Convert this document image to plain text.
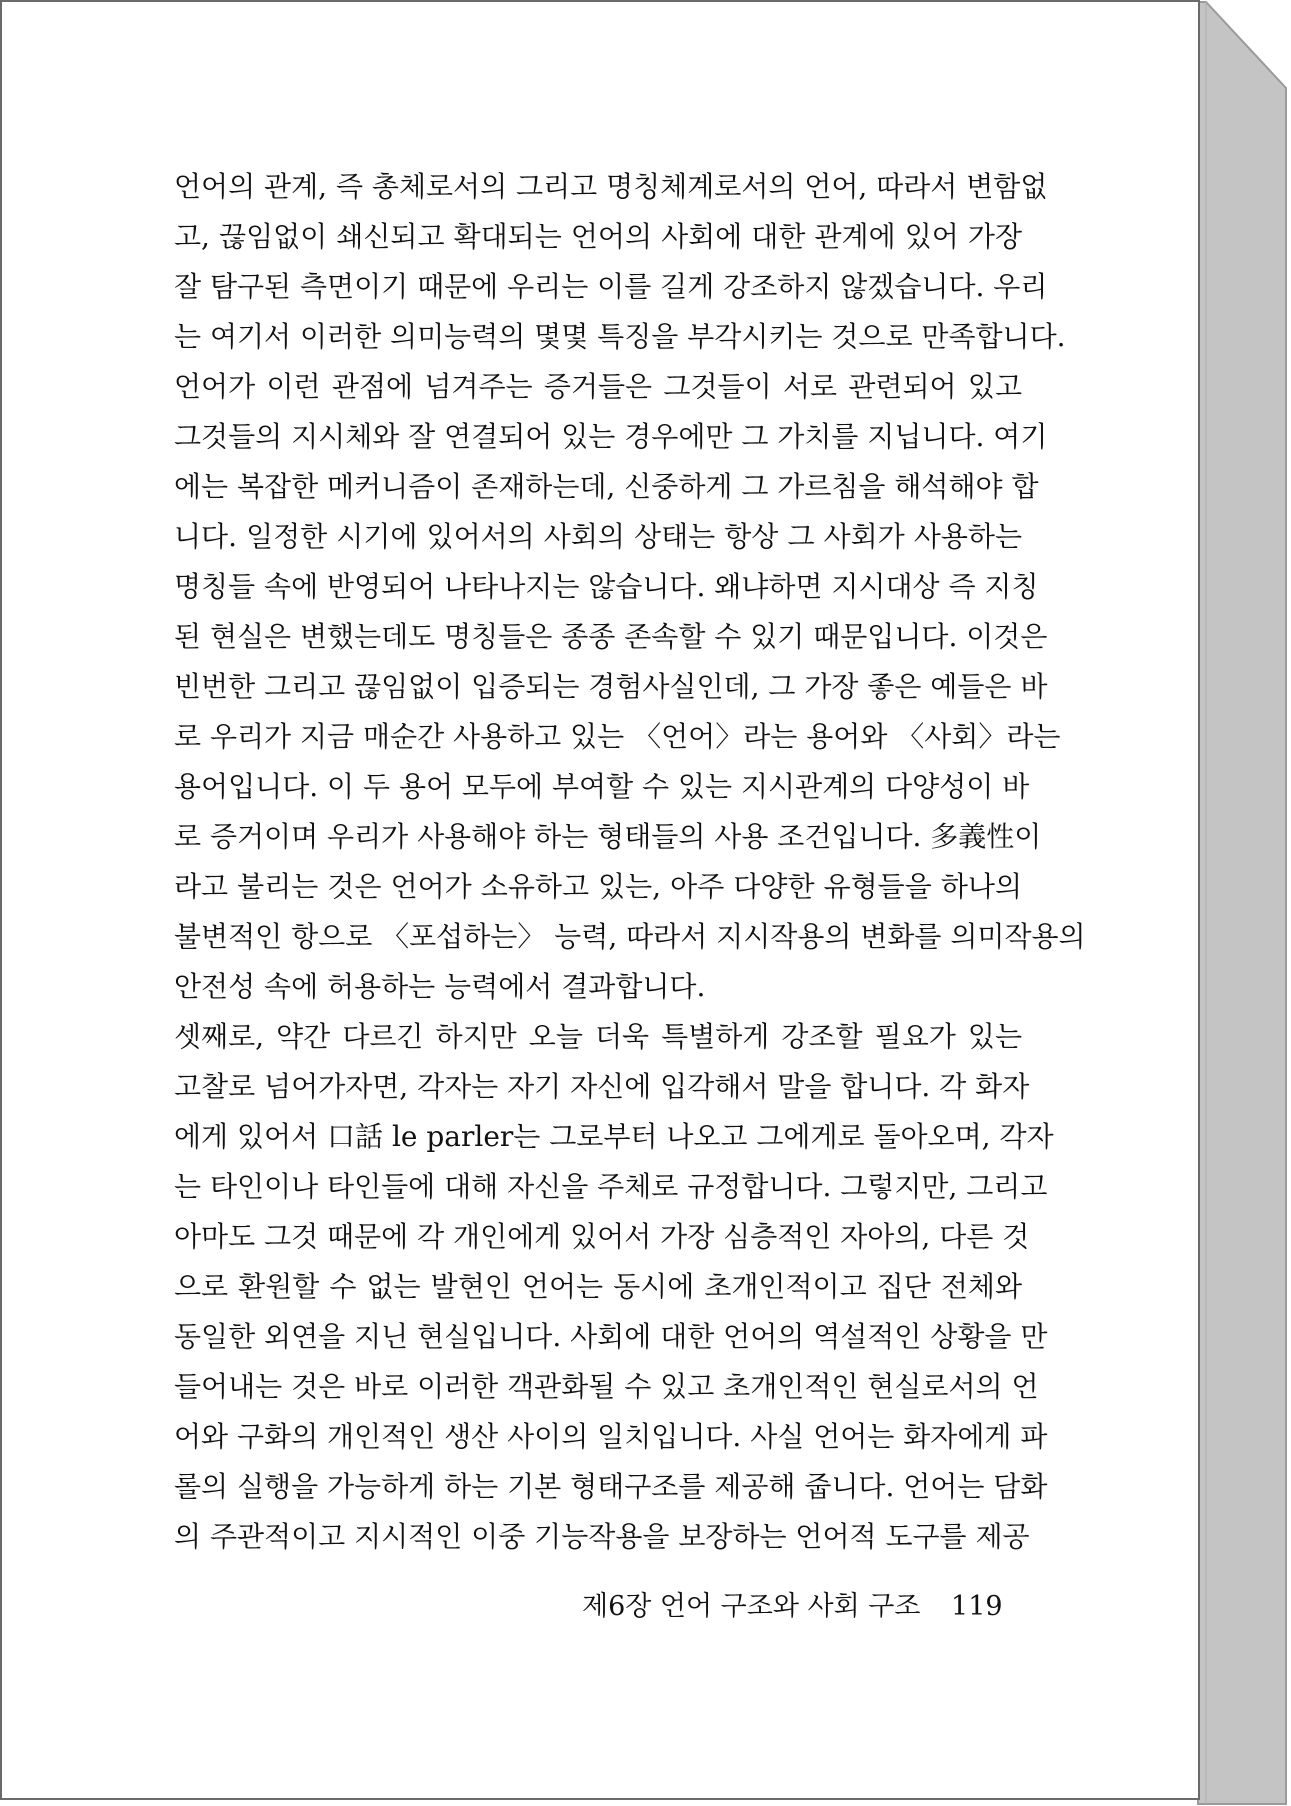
언어의 관계, 즉 총체로서의 그리고 명칭체계로서의 언어, 따라서 변함없
고, 끊임없이 쇄신되고 확대되는 언어의 사회에 대한 관계에 있어 가장
잘 탐구된 측면이기 때문에 우리는 이를 길게 강조하지 않겠습니다. 우리
는 여기서 이러한 의미능력의 몇몇 특징을 부각시키는 것으로 만족합니다.
언어가 이런 관점에 넘겨주는 증거들은 그것들이 서로 관련되어 있고
그것들의 지시체와 잘 연결되어 있는 경우에만 그 가치를 지닙니다. 여기
에는 복잡한 메커니즘이 존재하는데, 신중하게 그 가르침을 해석해야 합
니다. 일정한 시기에 있어서의 사회의 상태는 항상 그 사회가 사용하는
명칭들 속에 반영되어 나타나지는 않습니다. 왜냐하면 지시대상 즉 지칭
된 현실은 변했는데도 명칭들은 종종 존속할 수 있기 때문입니다. 이것은
빈번한 그리고 끊임없이 입증되는 경험사실인데, 그 가장 좋은 예들은 바
로 우리가 지금 매순간 사용하고 있는 〈언어〉라는 용어와 〈사회〉라는
용어입니다. 이 두 용어 모두에 부여할 수 있는 지시관계의 다양성이 바
로 증거이며 우리가 사용해야 하는 형태들의 사용 조건입니다. 多義性이
라고 불리는 것은 언어가 소유하고 있는, 아주 다양한 유형들을 하나의
불변적인 항으로 〈포섭하는〉 능력, 따라서 지시작용의 변화를 의미작용의
안전성 속에 허용하는 능력에서 결과합니다.
셋째로, 약간 다르긴 하지만 오늘 더욱 특별하게 강조할 필요가 있는
고찰로 넘어가자면, 각자는 자기 자신에 입각해서 말을 합니다. 각 화자
에게 있어서 口話 le parler는 그로부터 나오고 그에게로 돌아오며, 각자
는 타인이나 타인들에 대해 자신을 주체로 규정합니다. 그렇지만, 그리고
아마도 그것 때문에 각 개인에게 있어서 가장 심층적인 자아의, 다른 것
으로 환원할 수 없는 발현인 언어는 동시에 초개인적이고 집단 전체와
동일한 외연을 지닌 현실입니다. 사회에 대한 언어의 역설적인 상황을 만
들어내는 것은 바로 이러한 객관화될 수 있고 초개인적인 현실로서의 언
어와 구화의 개인적인 생산 사이의 일치입니다. 사실 언어는 화자에게 파
롤의 실행을 가능하게 하는 기본 형태구조를 제공해 줍니다. 언어는 담화
의 주관적이고 지시적인 이중 기능작용을 보장하는 언어적 도구를 제공
제6장 언어 구조와 사회 구조 119
